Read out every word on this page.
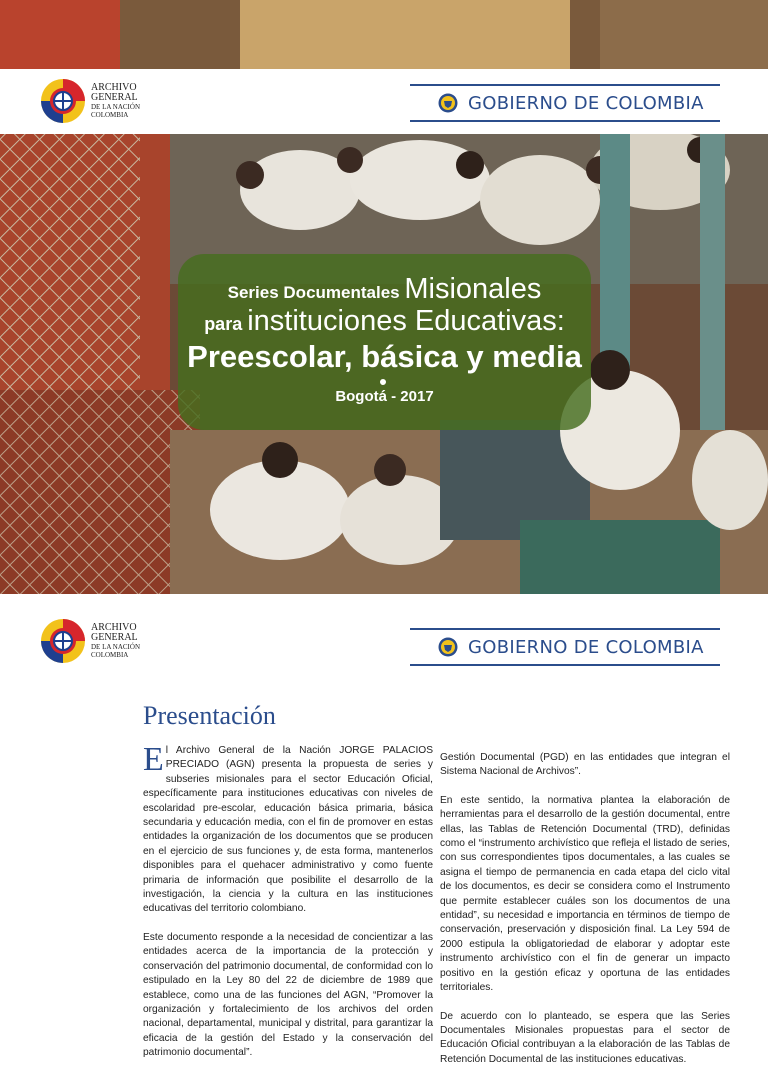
ARCHIVO
GENERAL
DE LA NACIÓN
COLOMBIA
GOBIERNO DE COLOMBIA
Series Documentales Misionales
para instituciones Educativas:
Preescolar, básica y media
Bogotá - 2017
ARCHIVO
GENERAL
DE LA NACIÓN
COLOMBIA	GOBIERNO DE COLOMBIA
Presentación

El Archivo General de la Nación JORGE PALACIOS PRECIADO (AGN) presenta la propuesta de series y subseries misionales para el sector Educación Oficial, específicamente para instituciones educativas con niveles de escolaridad pre-escolar, educación básica primaria, básica secundaria y educación media, con el fin de promover en estas entidades la organización de los documentos que se producen en el ejercicio de sus funciones y, de esta forma, mantenerlos disponibles para el quehacer administrativo y como fuente primaria de información que posibilite el desarrollo de la investigación, la ciencia y la cultura en las instituciones educativas del territorio colombiano.

Este documento responde a la necesidad de concientizar a las entidades acerca de la importancia de la protección y conservación del patrimonio documental, de conformidad con lo estipulado en la Ley 80 del 22 de diciembre de 1989 que establece, como una de las funciones del AGN, “Promover la organización y fortalecimiento de los archivos del orden nacional, departamental, municipal y distrital, para garantizar la eficacia de la gestión del Estado y la conservación del patrimonio documental”.

Gestión Documental (PGD) en las entidades que integran el Sistema Nacional de Archivos”.

En este sentido, la normativa plantea la elaboración de herramientas para el desarrollo de la gestión documental, entre ellas, las Tablas de Retención Documental (TRD), definidas como el “instrumento archivístico que refleja el listado de series, con sus correspondientes tipos documentales, a las cuales se asigna el tiempo de permanencia en cada etapa del ciclo vital de los documentos, es decir se considera como el Instrumento que permite establecer cuáles son los documentos de una entidad”, su necesidad e importancia en términos de tiempo de conservación, preservación y disposición final. La Ley 594 de 2000 estipula la obligatoriedad de elaborar y adoptar este instrumento archivístico con el fin de generar un impacto positivo en la gestión eficaz y oportuna de las entidades territoriales.

De acuerdo con lo planteado, se espera que las Series Documentales Misionales propuestas para el sector de Educación Oficial contribuyan a la elaboración de las Tablas de Retención Documental de las instituciones educativas.
